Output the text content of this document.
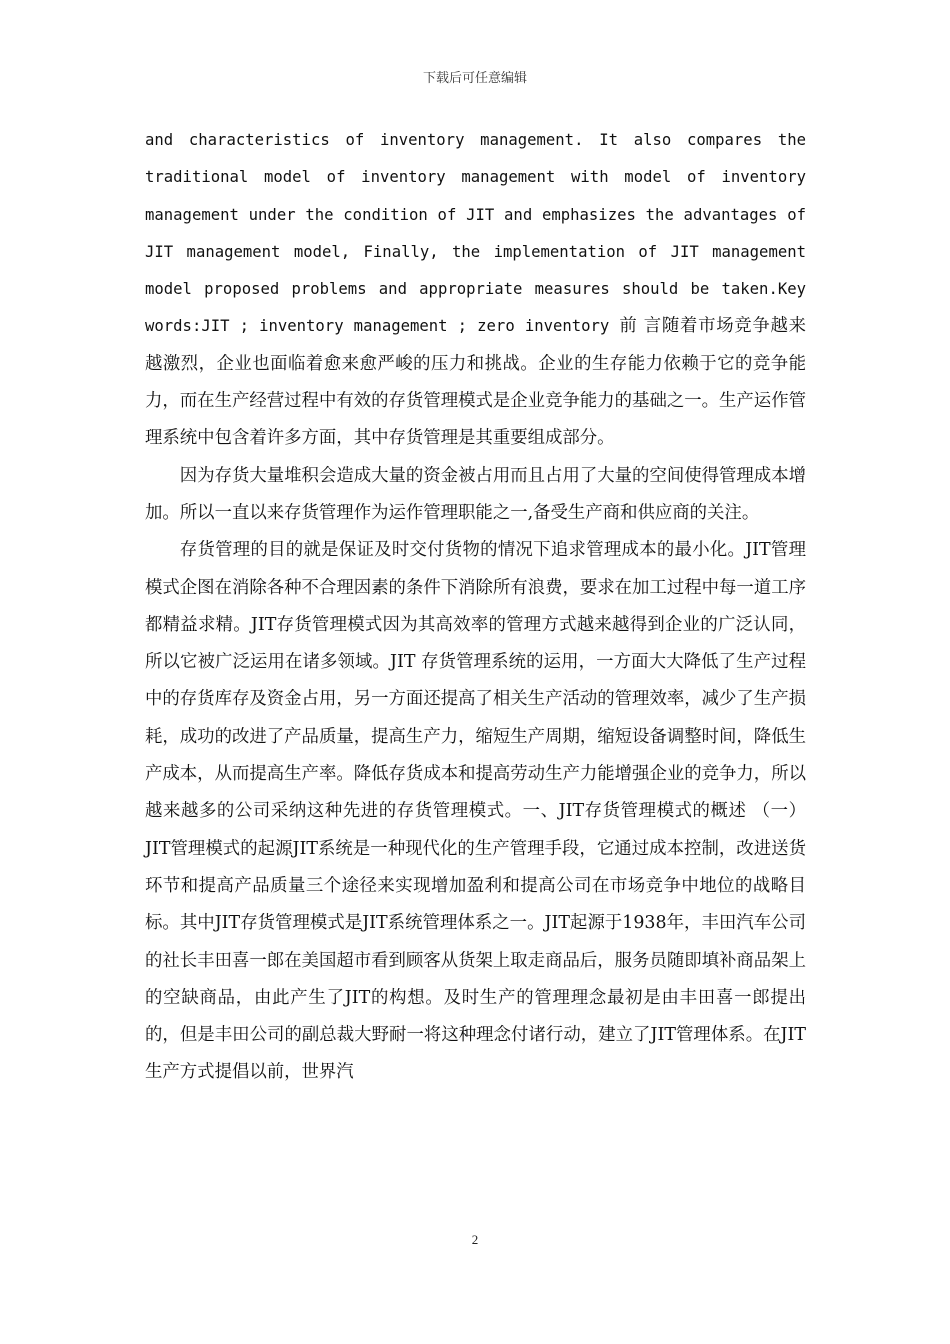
下载后可任意编辑

and characteristics of inventory management. It also compares the traditional model of inventory management with model of inventory management under the condition of JIT and emphasizes the advantages of JIT management model, Finally, the implementation of JIT management model proposed problems and appropriate measures should be taken.Key words:JIT ; inventory management ; zero inventory 前 言随着市场竞争越来越激烈，企业也面临着愈来愈严峻的压力和挑战。企业的生存能力依赖于它的竞争能力，而在生产经营过程中有效的存货管理模式是企业竞争能力的基础之一。生产运作管理系统中包含着许多方面，其中存货管理是其重要组成部分。

因为存货大量堆积会造成大量的资金被占用而且占用了大量的空间使得管理成本增加。所以一直以来存货管理作为运作管理职能之一,备受生产商和供应商的关注。

存货管理的目的就是保证及时交付货物的情况下追求管理成本的最小化。JIT管理模式企图在消除各种不合理因素的条件下消除所有浪费，要求在加工过程中每一道工序都精益求精。JIT存货管理模式因为其高效率的管理方式越来越得到企业的广泛认同，所以它被广泛运用在诸多领域。JIT 存货管理系统的运用，一方面大大降低了生产过程中的存货库存及资金占用，另一方面还提高了相关生产活动的管理效率，减少了生产损耗，成功的改进了产品质量，提高生产力，缩短生产周期，缩短设备调整时间，降低生产成本，从而提高生产率。降低存货成本和提高劳动生产力能增强企业的竞争力，所以越来越多的公司采纳这种先进的存货管理模式。一、JIT存货管理模式的概述 （一）JIT管理模式的起源JIT系统是一种现代化的生产管理手段，它通过成本控制，改进送货环节和提高产品质量三个途径来实现增加盈利和提高公司在市场竞争中地位的战略目标。其中JIT存货管理模式是JIT系统管理体系之一。JIT起源于1938年，丰田汽车公司的社长丰田喜一郎在美国超市看到顾客从货架上取走商品后，服务员随即填补商品架上的空缺商品，由此产生了JIT的构想。及时生产的管理理念最初是由丰田喜一郎提出的，但是丰田公司的副总裁大野耐一将这种理念付诸行动，建立了JIT管理体系。在JIT生产方式提倡以前，世界汽

2
